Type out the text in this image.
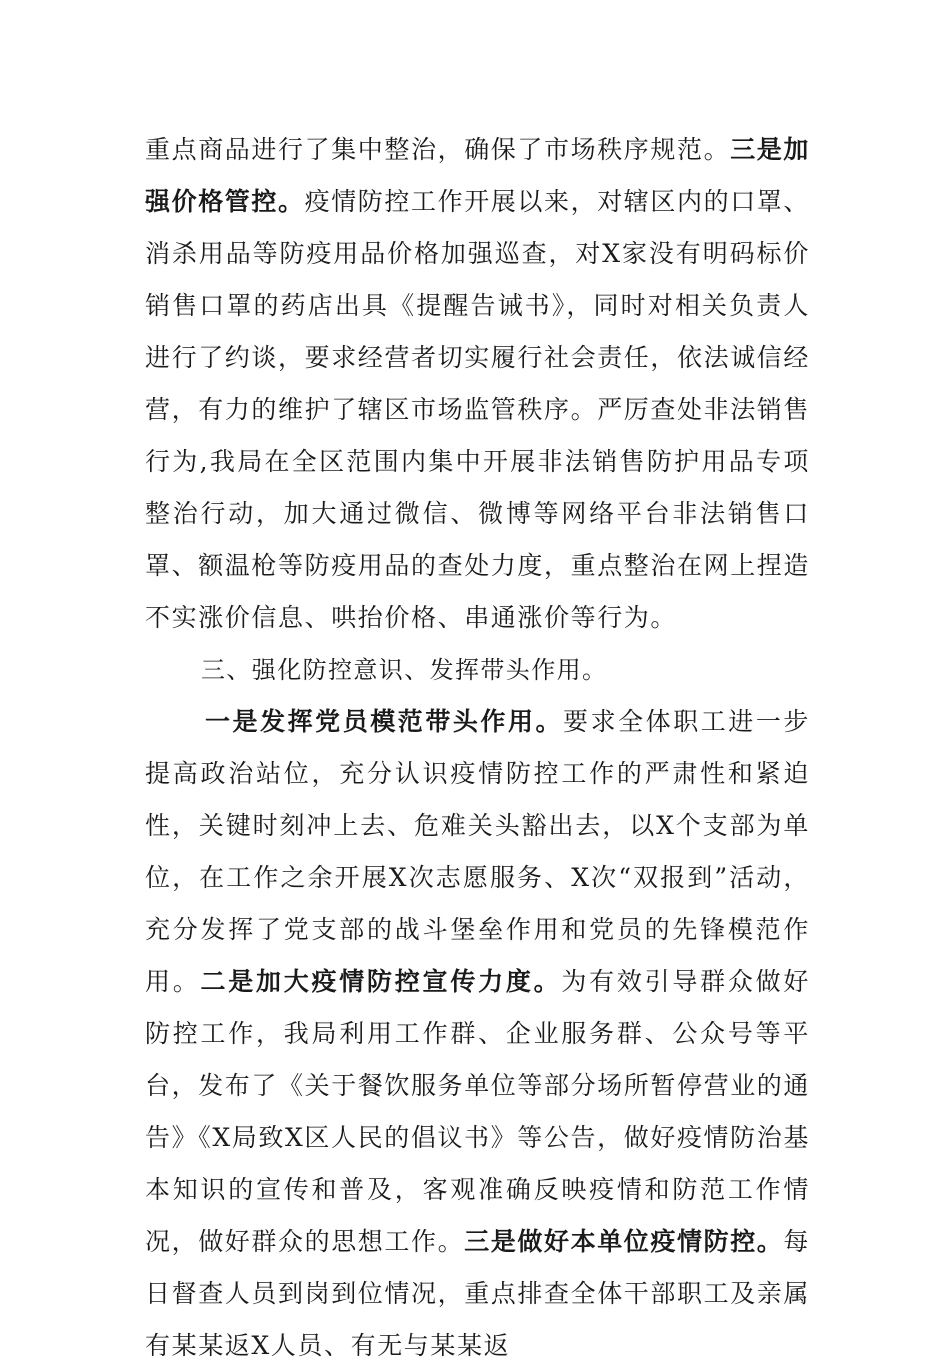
重点商品进行了集中整治，确保了市场秩序规范。三是加强价格管控。疫情防控工作开展以来，对辖区内的口罩、消杀用品等防疫用品价格加强巡查，对X家没有明码标价销售口罩的药店出具《提醒告诫书》，同时对相关负责人进行了约谈，要求经营者切实履行社会责任，依法诚信经营，有力的维护了辖区市场监管秩序。严厉查处非法销售行为,我局在全区范围内集中开展非法销售防护用品专项整治行动，加大通过微信、微博等网络平台非法销售口罩、额温枪等防疫用品的查处力度，重点整治在网上捏造不实涨价信息、哄抬价格、串通涨价等行为。

三、强化防控意识、发挥带头作用。

一是发挥党员模范带头作用。要求全体职工进一步提高政治站位，充分认识疫情防控工作的严肃性和紧迫性，关键时刻冲上去、危难关头豁出去，以X个支部为单位，在工作之余开展X次志愿服务、X次“双报到”活动，充分发挥了党支部的战斗堡垒作用和党员的先锋模范作用。二是加大疫情防控宣传力度。为有效引导群众做好防控工作，我局利用工作群、企业服务群、公众号等平台，发布了《关于餐饮服务单位等部分场所暂停营业的通告》《X局致X区人民的倡议书》等公告，做好疫情防治基本知识的宣传和普及，客观准确反映疫情和防范工作情况，做好群众的思想工作。三是做好本单位疫情防控。每日督查人员到岗到位情况，重点排查全体干部职工及亲属有某某返X人员、有无与某某返
